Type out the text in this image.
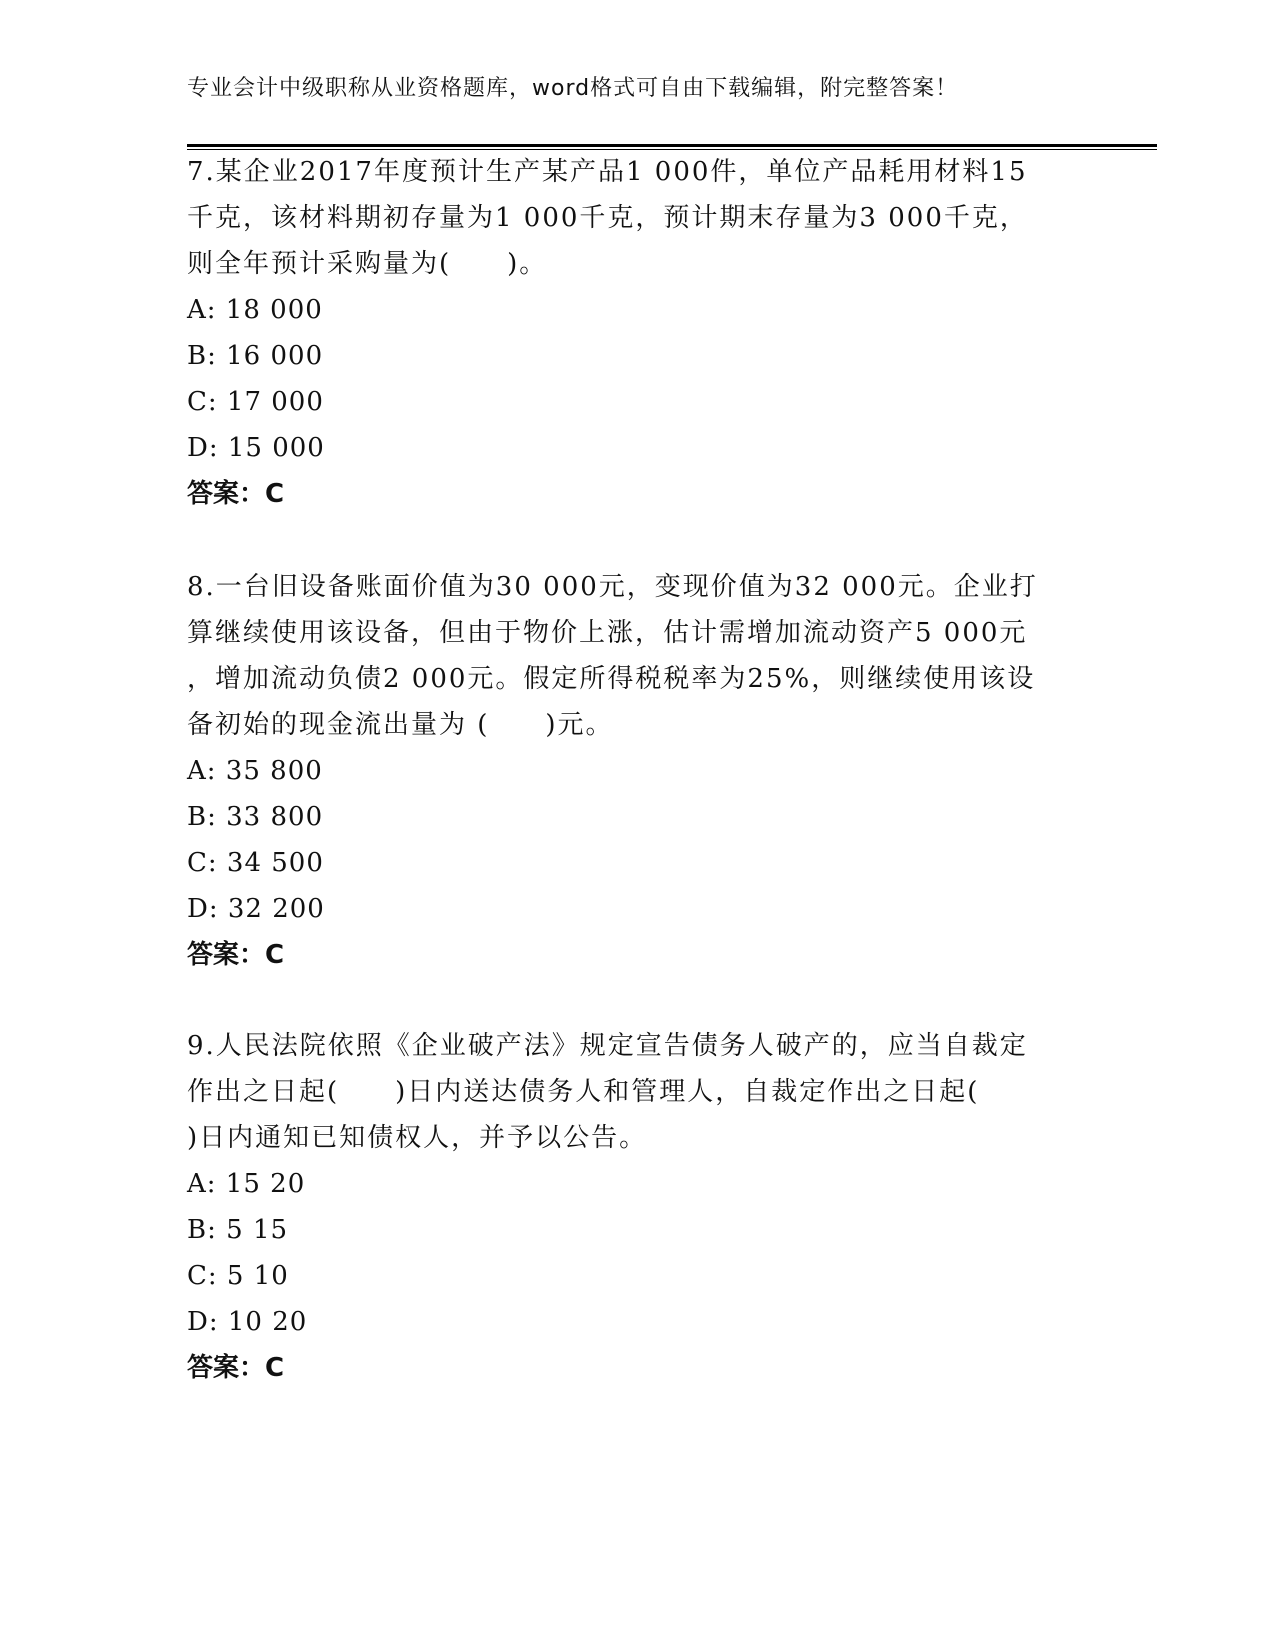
专业会计中级职称从业资格题库，word格式可自由下载编辑，附完整答案！
7.某企业2017年度预计生产某产品1 000件，单位产品耗用材料15
千克，该材料期初存量为1 000千克，预计期末存量为3 000千克，
则全年预计采购量为(　　)。
A: 18 000
B: 16 000
C: 17 000
D: 15 000
答案：C
8.一台旧设备账面价值为30 000元，变现价值为32 000元。企业打
算继续使用该设备，但由于物价上涨，估计需增加流动资产5 000元
，增加流动负债2 000元。假定所得税税率为25%，则继续使用该设
备初始的现金流出量为 (　　)元。
A: 35 800
B: 33 800
C: 34 500
D: 32 200
答案：C
9.人民法院依照《企业破产法》规定宣告债务人破产的，应当自裁定
作出之日起(　　)日内送达债务人和管理人，自裁定作出之日起(
)日内通知已知债权人，并予以公告。
A: 15 20
B: 5 15
C: 5 10
D: 10 20
答案：C
